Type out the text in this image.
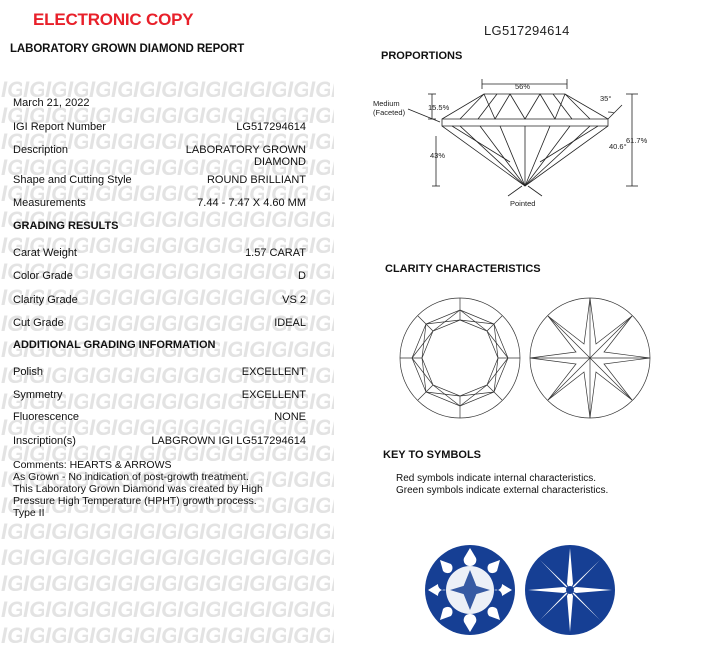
ELECTRONIC COPY
LG517294614
LABORATORY GROWN DIAMOND REPORT
March 21, 2022
IGI Report Number	LG517294614
Description	LABORATORY GROWN
DIAMOND
Shape and Cutting Style	ROUND BRILLIANT
Measurements	7.44 - 7.47 X 4.60 MM
GRADING RESULTS
Carat Weight	1.57 CARAT
Color Grade	D
Clarity Grade	VS 2
Cut Grade	IDEAL
ADDITIONAL GRADING INFORMATION
Polish	EXCELLENT
Symmetry	EXCELLENT
Fluorescence	NONE
Inscription(s)	LABGROWN IGI LG517294614
Comments: HEARTS & ARROWS
As Grown - No indication of post-growth treatment.
This Laboratory Grown Diamond was created by High
Pressure High Temperature (HPHT) growth process.
Type II
PROPORTIONS
56%
35°
15.5%
40.6°
43%
61.7%
Medium
(Faceted)
Pointed
CLARITY CHARACTERISTICS
KEY TO SYMBOLS
Red symbols indicate internal characteristics.
Green symbols indicate external characteristics.
